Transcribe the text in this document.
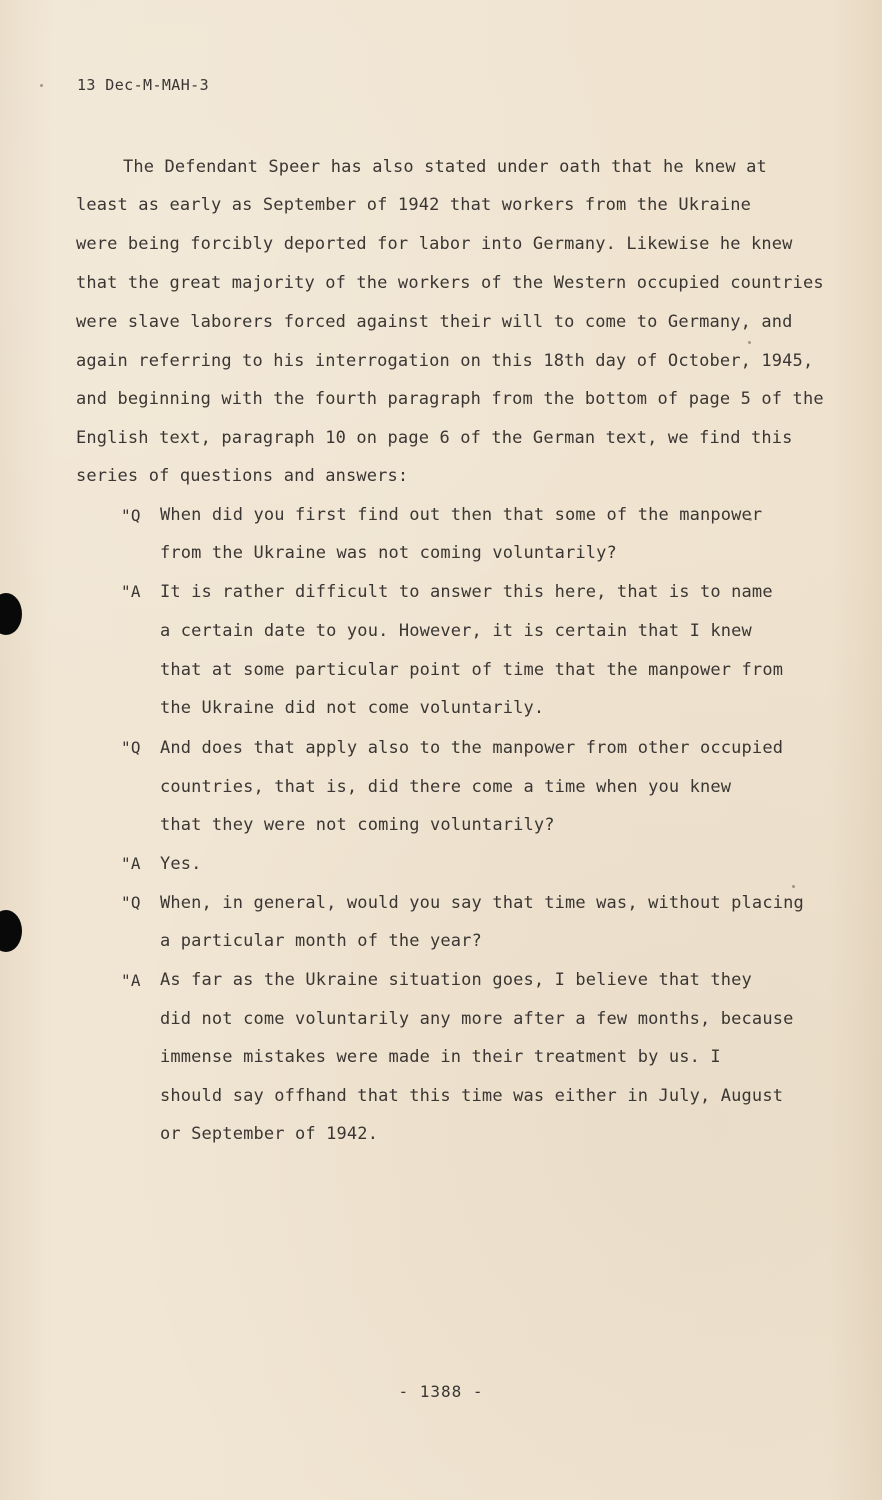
13 Dec-M-MAH-3
The Defendant Speer has also stated under oath that he knew at
least as early as September of 1942 that workers from the Ukraine
were being forcibly deported for labor into Germany. Likewise he knew
that the great majority of the workers of the Western occupied countries
were slave laborers forced against their will to come to Germany, and
again referring to his interrogation on this 18th day of October, 1945,
and beginning with the fourth paragraph from the bottom of page 5 of the
English text, paragraph 10 on page 6 of the German text, we find this
series of questions and answers:
"Q When did you first find out then that some of the manpower
from the Ukraine was not coming voluntarily?
"A It is rather difficult to answer this here, that is to name
a certain date to you. However, it is certain that I knew
that at some particular point of time that the manpower from
the Ukraine did not come voluntarily.
"Q And does that apply also to the manpower from other occupied
countries, that is, did there come a time when you knew
that they were not coming voluntarily?
"A Yes.
"Q When, in general, would you say that time was, without placing
a particular month of the year?
"A As far as the Ukraine situation goes, I believe that they
did not come voluntarily any more after a few months, because
immense mistakes were made in their treatment by us. I
should say offhand that this time was either in July, August
or September of 1942.
- 1388 -
